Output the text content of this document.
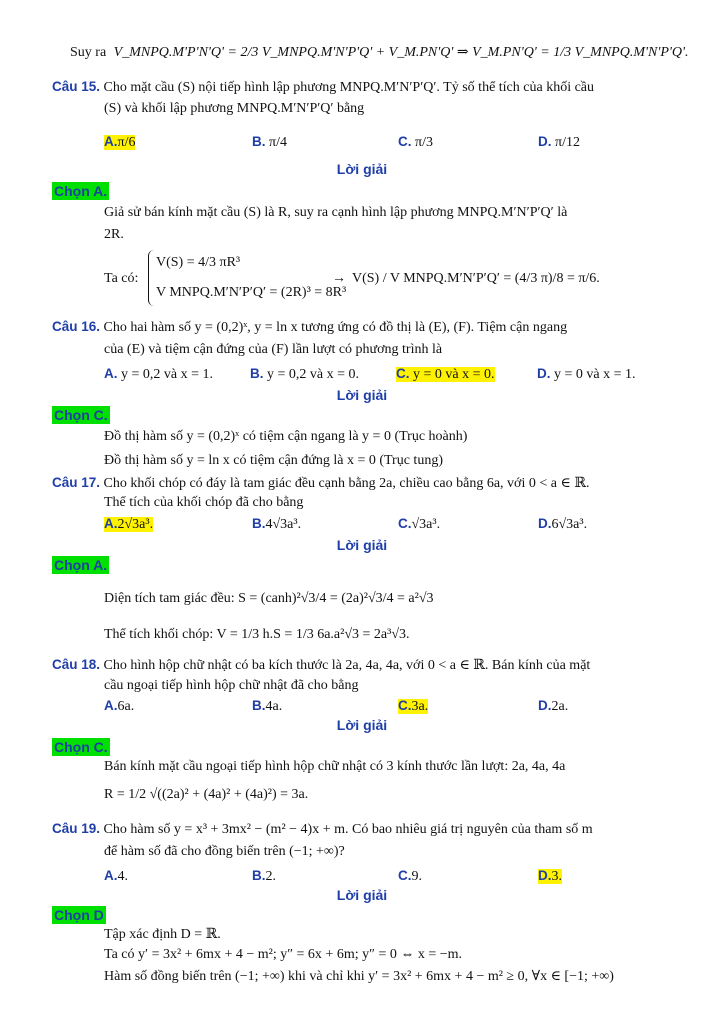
Suy ra V_MNPQ.M'P'N'Q' = 2/3 V_MNPQ.M'N'P'Q' + V_M.PN'Q' ⇒ V_M.PN'Q' = 1/3 V_MNPQ.M'N'P'Q'.
Câu 15. Cho mặt cầu (S) nội tiếp hình lập phương MNPQ.M′N′P′Q′. Tỷ số thể tích của khối cầu
(S) và khối lập phương MNPQ.M′N′P′Q′ bằng
A.π/6	B. π/4	C. π/3	D. π/12
Lời giải
Chọn A.
Giả sử bán kính mặt cầu (S) là R, suy ra cạnh hình lập phương MNPQ.M′N′P′Q′ là
2R.
Ta có:
V(S) = 4/3 πR³
V MNPQ.M′N′P′Q′ = (2R)³ = 8R³
→ V(S) / V MNPQ.M′N′P′Q′ = (4/3 π)/8 = π/6.
Câu 16. Cho hai hàm số y = (0,2)ˣ, y = ln x tương ứng có đồ thị là (E), (F). Tiệm cận ngang
của (E) và tiệm cận đứng của (F) lần lượt có phương trình là
A. y = 0,2 và x = 1.	B. y = 0,2 và x = 0.	C. y = 0 và x = 0.	D. y = 0 và x = 1.
Lời giải
Chọn C.
Đồ thị hàm số y = (0,2)ˣ có tiệm cận ngang là y = 0 (Trục hoành)
Đồ thị hàm số y = ln x có tiệm cận đứng là x = 0 (Trục tung)
Câu 17. Cho khối chóp có đáy là tam giác đều cạnh bằng 2a, chiều cao bằng 6a, với 0 < a ∈ ℝ.
Thể tích của khối chóp đã cho bằng
A.2√3a³.	B.4√3a³.	C.√3a³.	D.6√3a³.
Lời giải
Chọn A.
Diện tích tam giác đều: S = (canh)²√3/4 = (2a)²√3/4 = a²√3
Thể tích khối chóp: V = 1/3 h.S = 1/3 6a.a²√3 = 2a³√3.
Câu 18. Cho hình hộp chữ nhật có ba kích thước là 2a, 4a, 4a, với 0 < a ∈ ℝ. Bán kính của mặt
cầu ngoại tiếp hình hộp chữ nhật đã cho bằng
A.6a.	B.4a.	C.3a.	D.2a.
Lời giải
Chọn C.
Bán kính mặt cầu ngoại tiếp hình hộp chữ nhật có 3 kính thước lần lượt: 2a, 4a, 4a
R = 1/2 √((2a)² + (4a)² + (4a)²) = 3a.
Câu 19. Cho hàm số y = x³ + 3mx² − (m² − 4)x + m. Có bao nhiêu giá trị nguyên của tham số m
để hàm số đã cho đồng biến trên (−1; +∞)?
A.4.	B.2.	C.9.	D.3.
Lời giải
Chọn D
Tập xác định D = ℝ.
Ta có y′ = 3x² + 6mx + 4 − m²; y″ = 6x + 6m; y″ = 0 ⇔ x = −m.
Hàm số đồng biến trên (−1; +∞) khi và chỉ khi y′ = 3x² + 6mx + 4 − m² ≥ 0, ∀x ∈ [−1; +∞)
